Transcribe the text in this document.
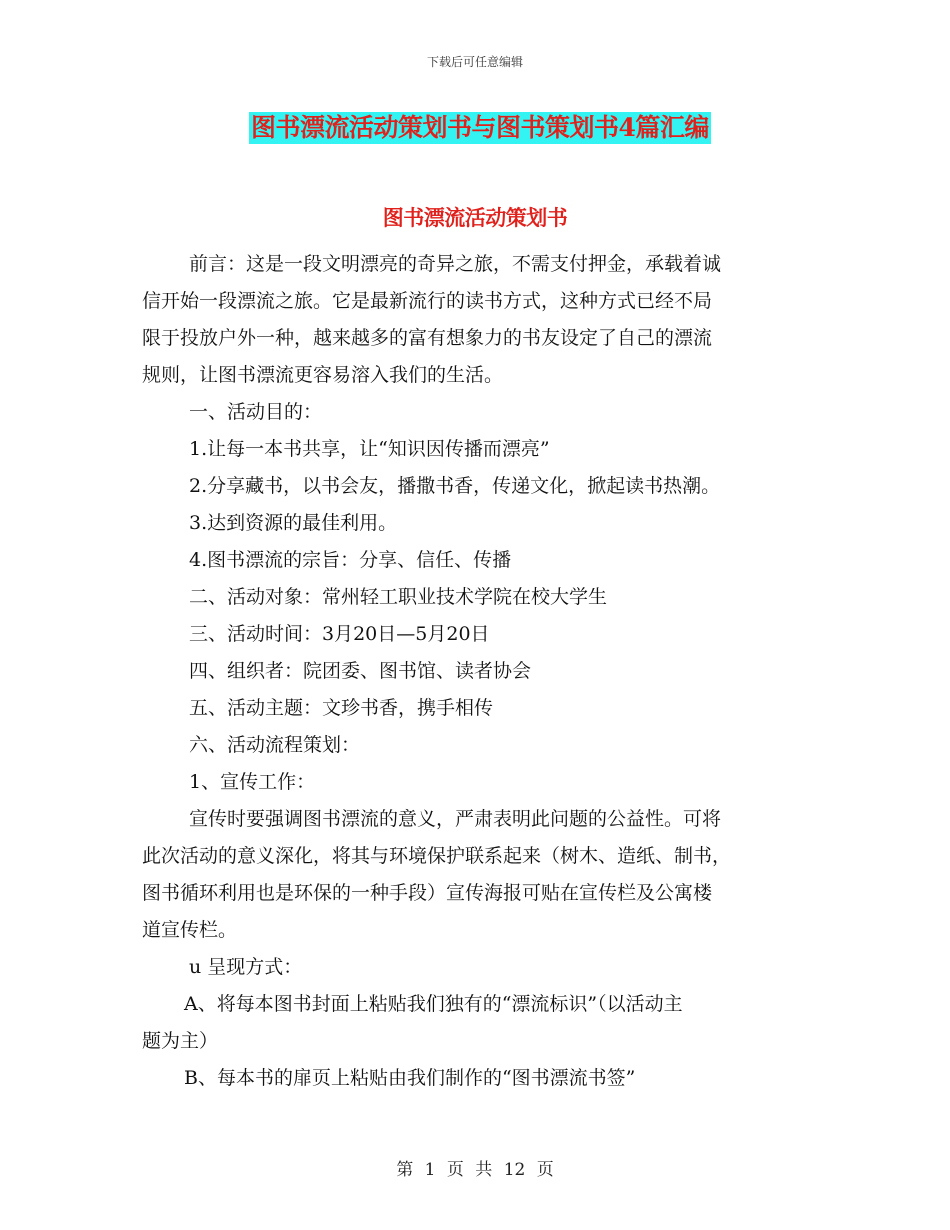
下载后可任意编辑
图书漂流活动策划书与图书策划书4篇汇编
图书漂流活动策划书

前言：这是一段文明漂亮的奇异之旅，不需支付押金，承载着诚

信开始一段漂流之旅。它是最新流行的读书方式，这种方式已经不局

限于投放户外一种，越来越多的富有想象力的书友设定了自己的漂流

规则，让图书漂流更容易溶入我们的生活。

一、活动目的：

1.让每一本书共享，让“知识因传播而漂亮”

2.分享藏书，以书会友，播撒书香，传递文化，掀起读书热潮。

3.达到资源的最佳利用。

4.图书漂流的宗旨：分享、信任、传播

二、活动对象：常州轻工职业技术学院在校大学生

三、活动时间：3月20日—5月20日

四、组织者：院团委、图书馆、读者协会

五、活动主题：文珍书香，携手相传

六、活动流程策划：

1、宣传工作：

宣传时要强调图书漂流的意义，严肃表明此问题的公益性。可将

此次活动的意义深化，将其与环境保护联系起来（树木、造纸、制书，

图书循环利用也是环保的一种手段）宣传海报可贴在宣传栏及公寓楼

道宣传栏。

u 呈现方式：

A、将每本图书封面上粘贴我们独有的“漂流标识”（以活动主

题为主）

B、每本书的扉页上粘贴由我们制作的“图书漂流书签”

第 1 页 共 12 页
